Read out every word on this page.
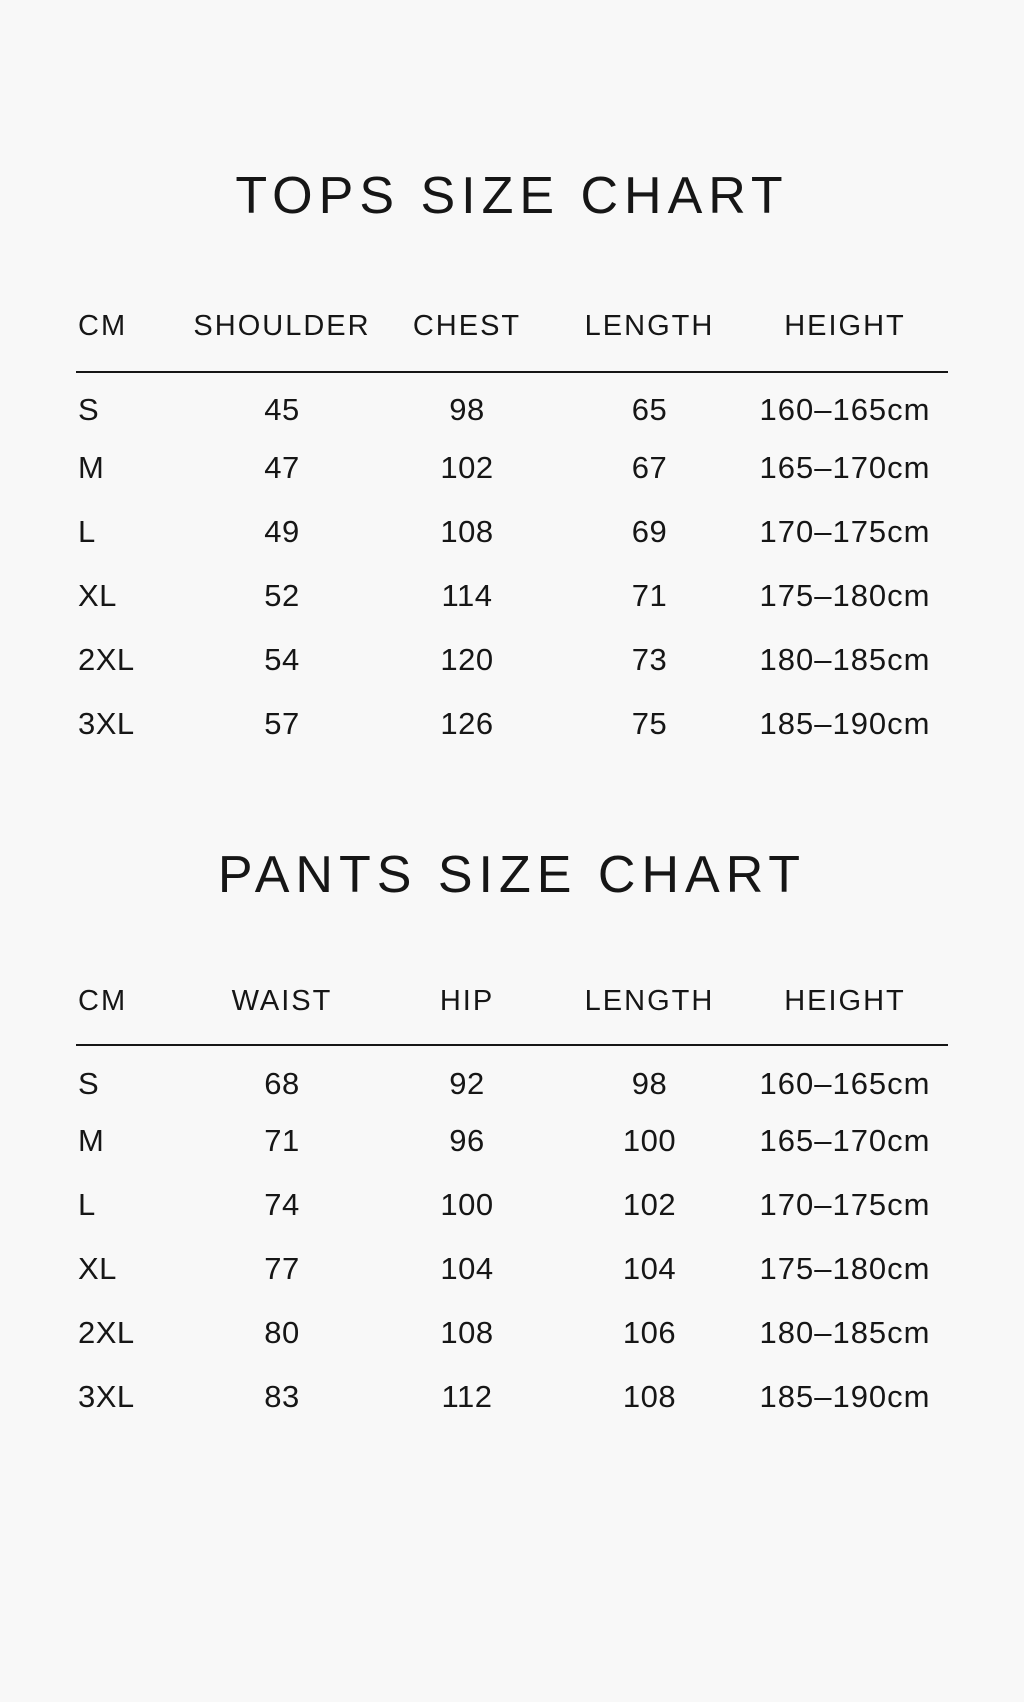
TOPS SIZE CHART
CM	SHOULDER	CHEST	LENGTH	HEIGHT
S	45	98	65	160–165cm
M	47	102	67	165–170cm
L	49	108	69	170–175cm
XL	52	114	71	175–180cm
2XL	54	120	73	180–185cm
3XL	57	126	75	185–190cm
PANTS SIZE CHART
CM	WAIST	HIP	LENGTH	HEIGHT
S	68	92	98	160–165cm
M	71	96	100	165–170cm
L	74	100	102	170–175cm
XL	77	104	104	175–180cm
2XL	80	108	106	180–185cm
3XL	83	112	108	185–190cm
